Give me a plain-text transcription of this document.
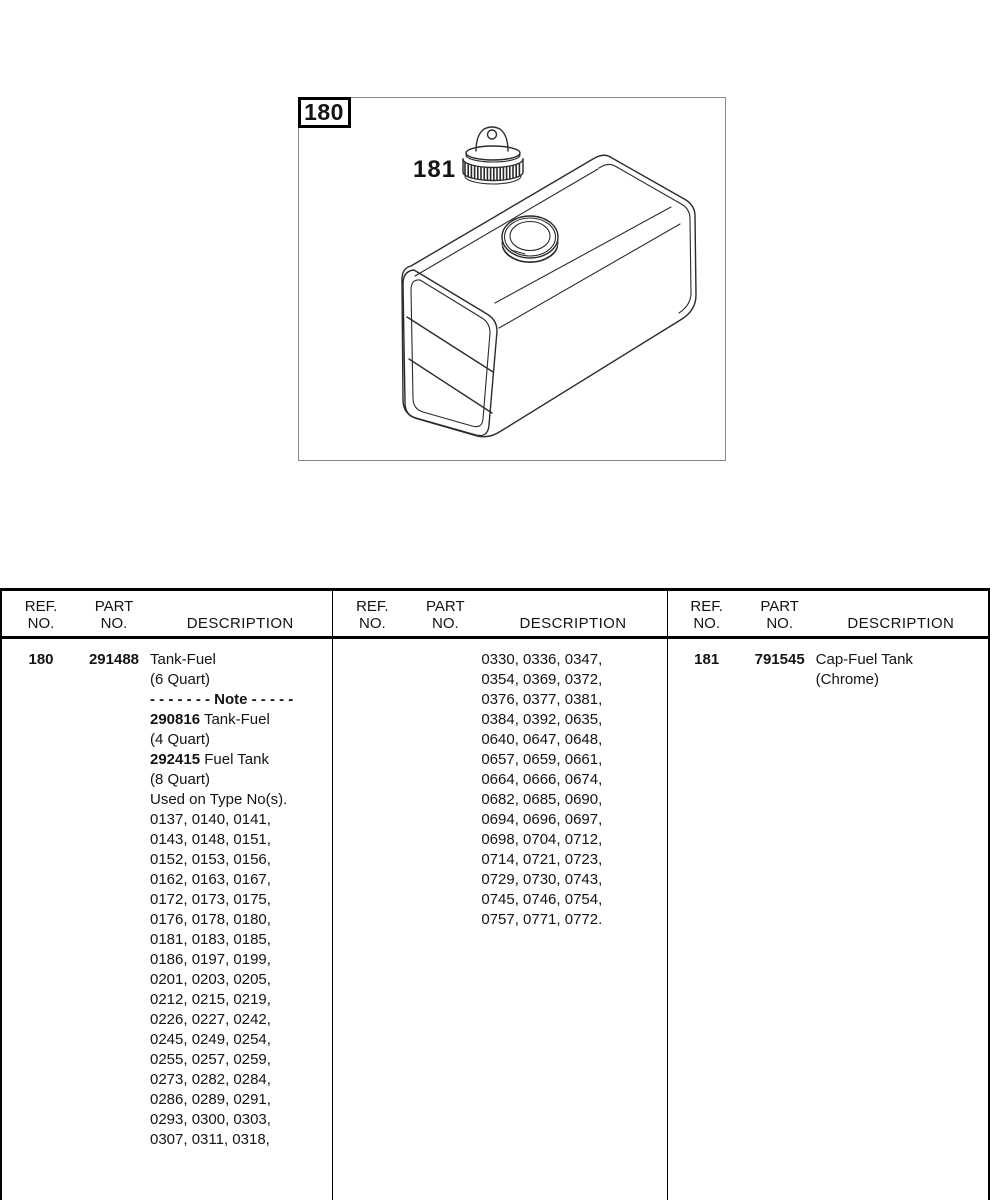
180
181
REF.
NO.
PART
NO.	DESCRIPTION
180	291488 Tank-Fuel
(6 Quart)
- - - - - - - Note - - - - -
290816 Tank-Fuel
(4 Quart)
292415 Fuel Tank
(8 Quart)
Used on Type No(s).
0137, 0140, 0141,
0143, 0148, 0151,
0152, 0153, 0156,
0162, 0163, 0167,
0172, 0173, 0175,
0176, 0178, 0180,
0181, 0183, 0185,
0186, 0197, 0199,
0201, 0203, 0205,
0212, 0215, 0219,
0226, 0227, 0242,
0245, 0249, 0254,
0255, 0257, 0259,
0273, 0282, 0284,
0286, 0289, 0291,
0293, 0300, 0303,
0307, 0311, 0318,
REF.
NO.
PART
NO.	DESCRIPTION
0330, 0336, 0347,
0354, 0369, 0372,
0376, 0377, 0381,
0384, 0392, 0635,
0640, 0647, 0648,
0657, 0659, 0661,
0664, 0666, 0674,
0682, 0685, 0690,
0694, 0696, 0697,
0698, 0704, 0712,
0714, 0721, 0723,
0729, 0730, 0743,
0745, 0746, 0754,
0757, 0771, 0772.
REF.
NO.
PART
NO.	DESCRIPTION
181	791545 Cap-Fuel Tank
(Chrome)
